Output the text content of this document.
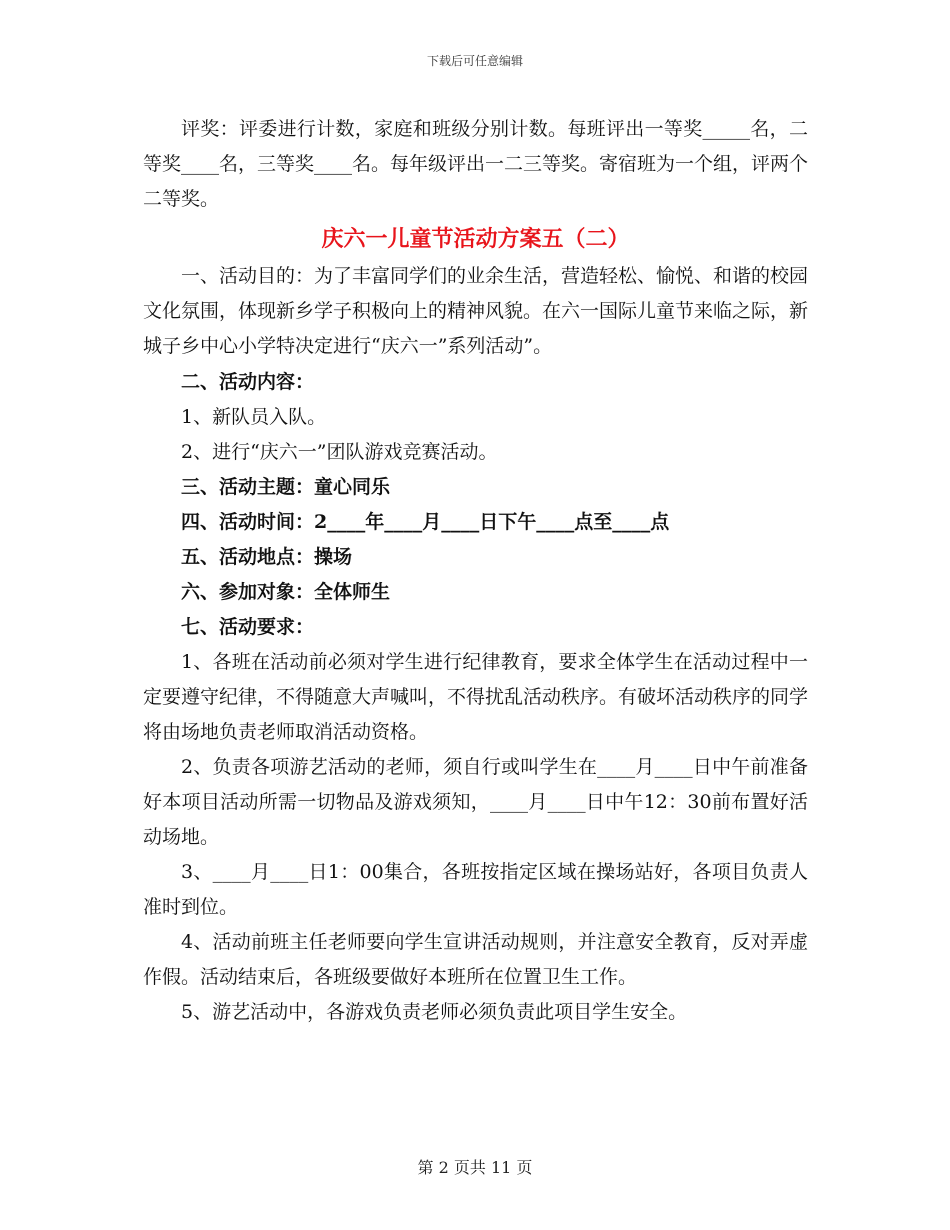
下载后可任意编辑

评奖：评委进行计数，家庭和班级分别计数。每班评出一等奖_____名，二等奖____名，三等奖____名。每年级评出一二三等奖。寄宿班为一个组，评两个二等奖。

庆六一儿童节活动方案五（二）

一、活动目的：为了丰富同学们的业余生活，营造轻松、愉悦、和谐的校园文化氛围，体现新乡学子积极向上的精神风貌。在六一国际儿童节来临之际，新城子乡中心小学特决定进行“庆六一”系列活动”。

二、活动内容：

1、新队员入队。

2、进行“庆六一”团队游戏竞赛活动。

三、活动主题：童心同乐

四、活动时间：2____年____月____日下午____点至____点

五、活动地点：操场

六、参加对象：全体师生

七、活动要求：

1、各班在活动前必须对学生进行纪律教育，要求全体学生在活动过程中一定要遵守纪律，不得随意大声喊叫，不得扰乱活动秩序。有破坏活动秩序的同学将由场地负责老师取消活动资格。

2、负责各项游艺活动的老师，须自行或叫学生在____月____日中午前准备好本项目活动所需一切物品及游戏须知，____月____日中午12：30前布置好活动场地。

3、____月____日1：00集合，各班按指定区域在操场站好，各项目负责人准时到位。

4、活动前班主任老师要向学生宣讲活动规则，并注意安全教育，反对弄虚作假。活动结束后，各班级要做好本班所在位置卫生工作。

5、游艺活动中，各游戏负责老师必须负责此项目学生安全。

第 2 页共 11 页
